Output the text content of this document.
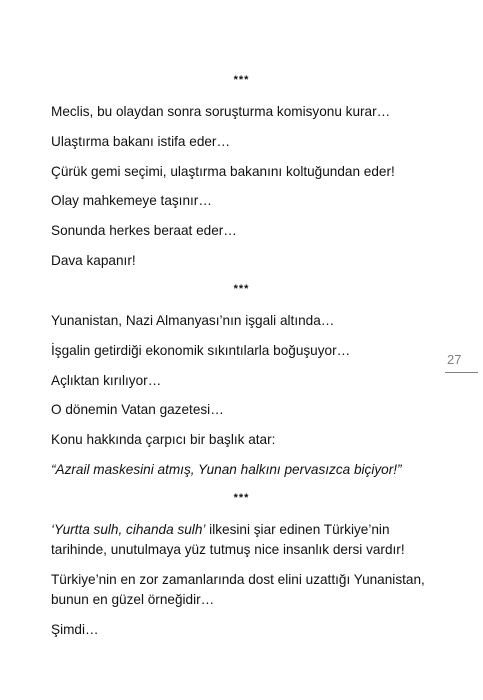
***
Meclis, bu olaydan sonra soruşturma komisyonu kurar…
Ulaştırma bakanı istifa eder…
Çürük gemi seçimi, ulaştırma bakanını koltuğundan eder!
Olay mahkemeye taşınır…
Sonunda herkes beraat eder…
Dava kapanır!
***
Yunanistan, Nazi Almanyası’nın işgali altında…
İşgalin getirdiği ekonomik sıkıntılarla boğuşuyor…
Açlıktan kırılıyor…
O dönemin Vatan gazetesi…
Konu hakkında çarpıcı bir başlık atar:
“Azrail maskesini atmış, Yunan halkını pervasızca biçiyor!”
***
‘Yurtta sulh, cihanda sulh’ ilkesini şiar edinen Türkiye’nin
tarihinde, unutulmaya yüz tutmuş nice insanlık dersi vardır!
Türkiye’nin en zor zamanlarında dost elini uzattığı Yunanistan,
bunun en güzel örneğidir…
Şimdi…
27
